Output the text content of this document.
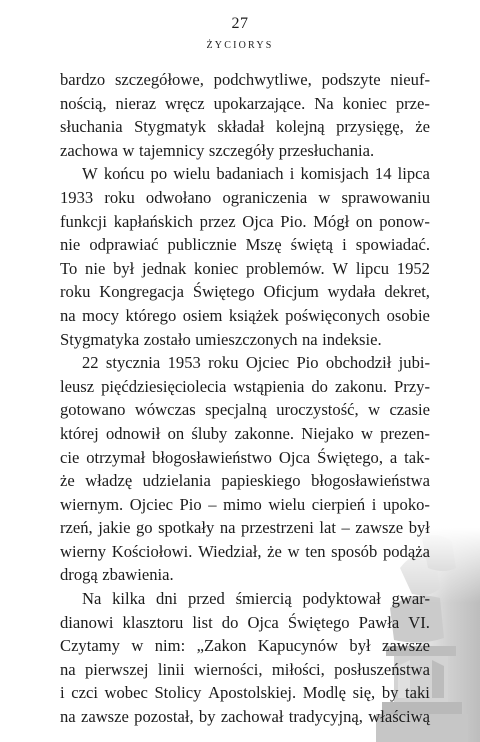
27
ŻYCIORYS
bardzo szczegółowe, podchwytliwe, podszyte nieuf-
nością, nieraz wręcz upokarzające. Na koniec prze-
słuchania Stygmatyk składał kolejną przysięgę, że
zachowa w tajemnicy szczegóły przesłuchania.
W końcu po wielu badaniach i komisjach 14 lipca
1933 roku odwołano ograniczenia w sprawowaniu
funkcji kapłańskich przez Ojca Pio. Mógł on ponow-
nie odprawiać publicznie Mszę świętą i spowiadać.
To nie był jednak koniec problemów. W lipcu 1952
roku Kongregacja Świętego Oficjum wydała dekret,
na mocy którego osiem książek poświęconych osobie
Stygmatyka zostało umieszczonych na indeksie.
22 stycznia 1953 roku Ojciec Pio obchodził jubi-
leusz pięćdziesięciolecia wstąpienia do zakonu. Przy-
gotowano wówczas specjalną uroczystość, w czasie
której odnowił on śluby zakonne. Niejako w prezen-
cie otrzymał błogosławieństwo Ojca Świętego, a tak-
że władzę udzielania papieskiego błogosławieństwa
wiernym. Ojciec Pio – mimo wielu cierpień i upoko-
rzeń, jakie go spotkały na przestrzeni lat – zawsze był
wierny Kościołowi. Wiedział, że w ten sposób podąża
drogą zbawienia.
Na kilka dni przed śmiercią podyktował gwar-
dianowi klasztoru list do Ojca Świętego Pawła VI.
Czytamy w nim: „Zakon Kapucynów był zawsze
na pierwszej linii wierności, miłości, posłuszeństwa
i czci wobec Stolicy Apostolskiej. Modlę się, by taki
na zawsze pozostał, by zachował tradycyjną, właściwą
